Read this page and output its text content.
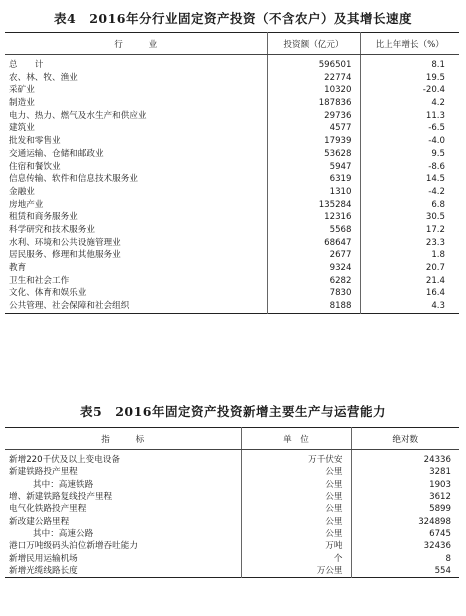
表4　2016年分行业固定资产投资（不含农户）及其增长速度
行　　　业	投资额（亿元）	比上年增长（%）

总　　计	596501	8.1
农、林、牧、渔业	22774	19.5
采矿业	10320	-20.4
制造业	187836	4.2
电力、热力、燃气及水生产和供应业	29736	11.3
建筑业	4577	-6.5
批发和零售业	17939	-4.0
交通运输、仓储和邮政业	53628	9.5
住宿和餐饮业	5947	-8.6
信息传输、软件和信息技术服务业	6319	14.5
金融业	1310	-4.2
房地产业	135284	6.8
租赁和商务服务业	12316	30.5
科学研究和技术服务业	5568	17.2
水利、环境和公共设施管理业	68647	23.3
居民服务、修理和其他服务业	2677	1.8
教育	9324	20.7
卫生和社会工作	6282	21.4
文化、体育和娱乐业	7830	16.4
公共管理、社会保障和社会组织	8188	4.3
表5　2016年固定资产投资新增主要生产与运营能力
指　　　标	单　位	绝对数

新增220千伏及以上变电设备	万千伏安	24336
新建铁路投产里程	公里	3281
其中：高速铁路	公里	1903
增、新建铁路复线投产里程	公里	3612
电气化铁路投产里程	公里	5899
新改建公路里程	公里	324898
其中：高速公路	公里	6745
港口万吨级码头泊位新增吞吐能力	万吨	32436
新增民用运输机场	个	8
新增光缆线路长度	万公里	554
